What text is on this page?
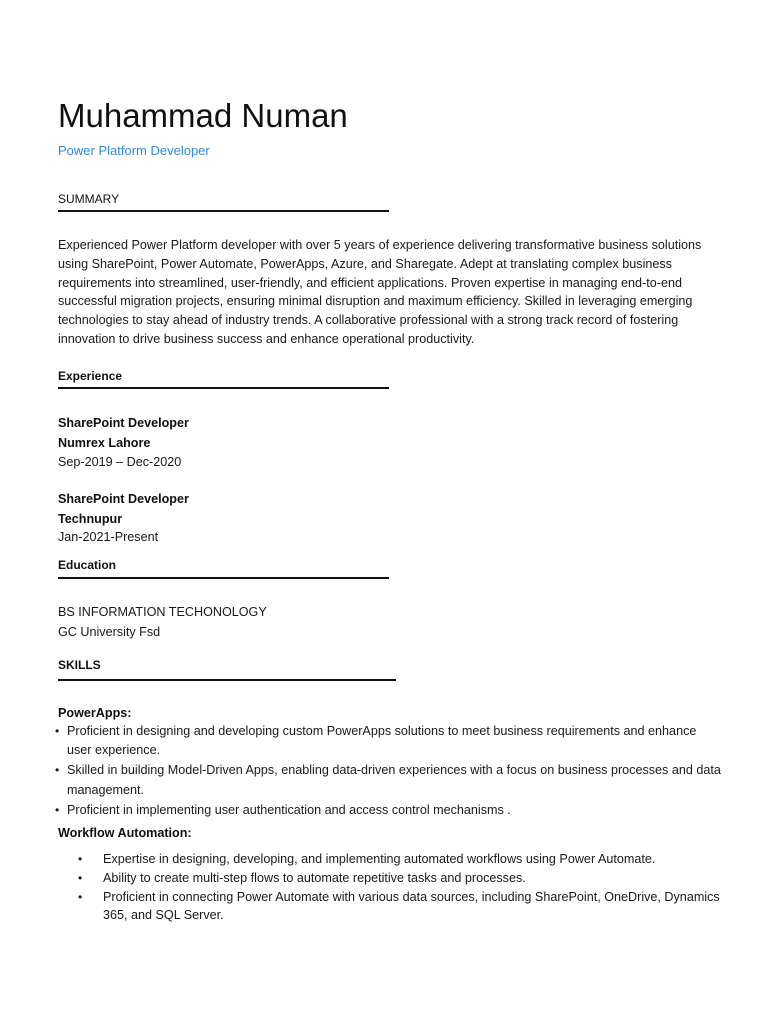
Muhammad Numan
Power Platform Developer
SUMMARY
Experienced Power Platform developer with over 5 years of experience delivering transformative business solutions using SharePoint, Power Automate, PowerApps, Azure, and Sharegate. Adept at translating complex business requirements into streamlined, user-friendly, and efficient applications. Proven expertise in managing end-to-end successful migration projects, ensuring minimal disruption and maximum efficiency. Skilled in leveraging emerging technologies to stay ahead of industry trends. A collaborative professional with a strong track record of fostering innovation to drive business success and enhance operational productivity.
Experience
SharePoint Developer
Numrex Lahore
Sep-2019 – Dec-2020
SharePoint Developer
Technupur
Jan-2021-Present
Education
BS INFORMATION TECHONOLOGY
GC University Fsd
SKILLS
PowerApps:
• Proficient in designing and developing custom PowerApps solutions to meet business requirements and enhance user experience.
• Skilled in building Model-Driven Apps, enabling data-driven experiences with a focus on business processes and data management.
• Proficient in implementing user authentication and access control mechanisms .
Workflow Automation:
• Expertise in designing, developing, and implementing automated workflows using Power Automate.
• Ability to create multi-step flows to automate repetitive tasks and processes.
• Proficient in connecting Power Automate with various data sources, including SharePoint, OneDrive, Dynamics 365, and SQL Server.
